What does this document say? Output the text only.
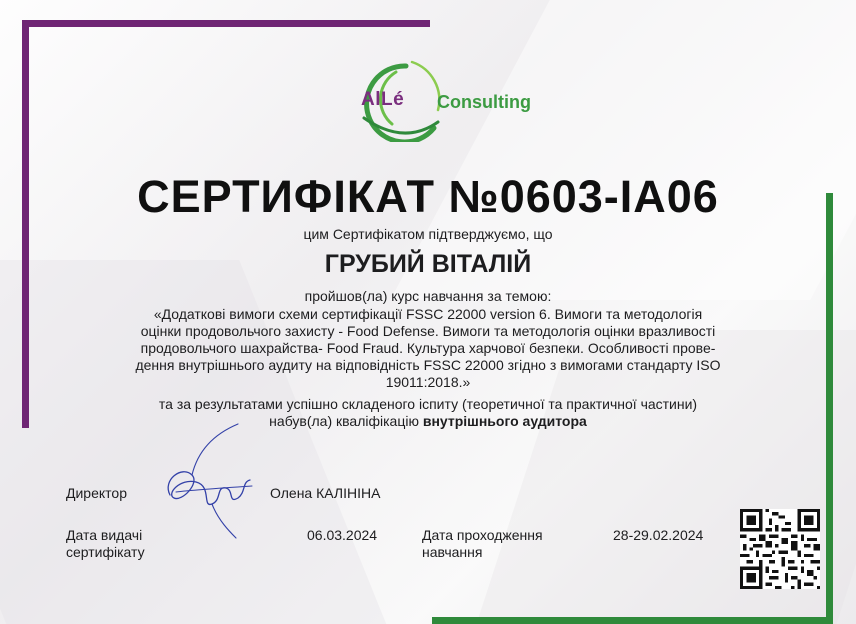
AlLé Consulting
СЕРТИФІКАТ №0603-ІА06
цим Сертифікатом підтверджуємо, що
ГРУБИЙ ВІТАЛІЙ
пройшов(ла) курс навчання за темою:
«Додаткові вимоги схеми сертифікації FSSC 22000 version 6. Вимоги та методологія
оцінки продовольчого захисту - Food Defense. Вимоги та методологія оцінки вразливості
продовольчого шахрайства- Food Fraud. Культура харчової безпеки. Особливості прове-
дення внутрішнього аудиту на відповідність FSSC 22000 згідно з вимогами стандарту ISO
19011:2018.»
та за результатами успішно складеного іспиту (теоретичної та практичної частини)
набув(ла) кваліфікацію внутрішнього аудитора
Директор	Олена КАЛІНІНА
Дата видачі
сертифікату
06.03.2024	Дата проходження
навчання
28-29.02.2024
